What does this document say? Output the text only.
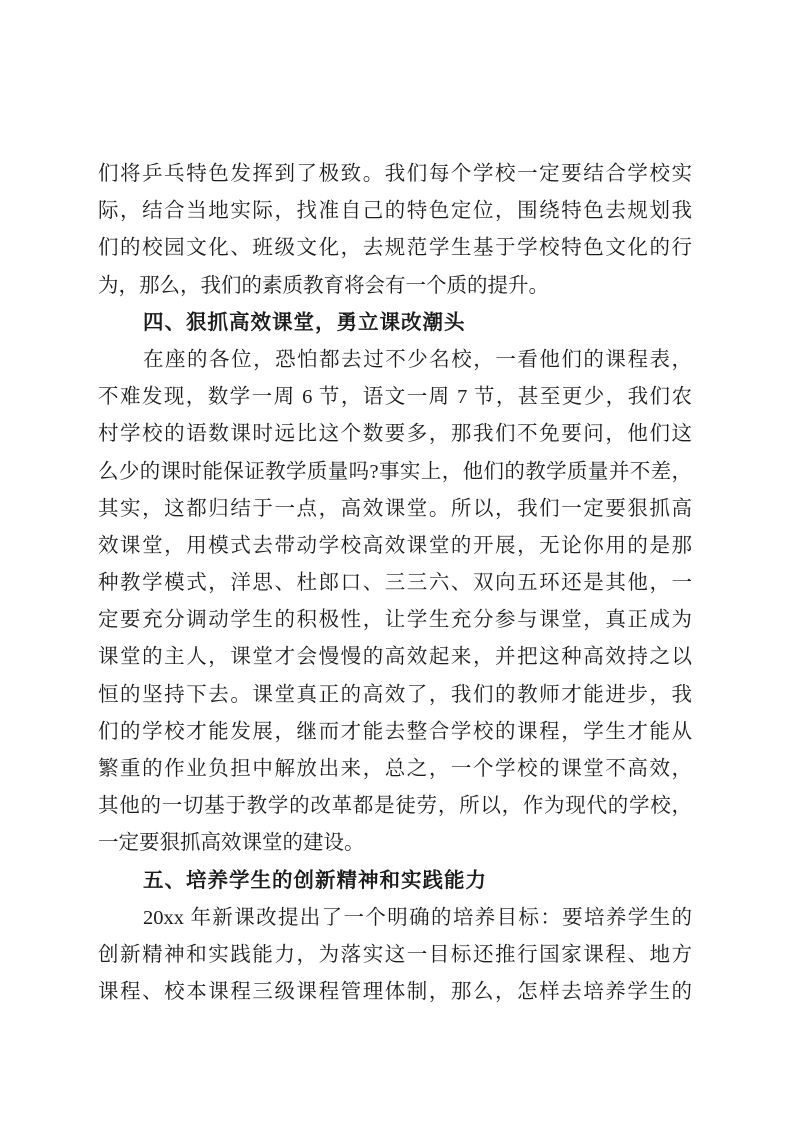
们将乒乓特色发挥到了极致。我们每个学校一定要结合学校实
际，结合当地实际，找准自己的特色定位，围绕特色去规划我
们的校园文化、班级文化，去规范学生基于学校特色文化的行
为，那么，我们的素质教育将会有一个质的提升。
四、狠抓高效课堂，勇立课改潮头
在座的各位，恐怕都去过不少名校，一看他们的课程表，
不难发现，数学一周 6 节，语文一周 7 节，甚至更少，我们农
村学校的语数课时远比这个数要多，那我们不免要问，他们这
么少的课时能保证教学质量吗?事实上，他们的教学质量并不差，
其实，这都归结于一点，高效课堂。所以，我们一定要狠抓高
效课堂，用模式去带动学校高效课堂的开展，无论你用的是那
种教学模式，洋思、杜郎口、三三六、双向五环还是其他，一
定要充分调动学生的积极性，让学生充分参与课堂，真正成为
课堂的主人，课堂才会慢慢的高效起来，并把这种高效持之以
恒的坚持下去。课堂真正的高效了，我们的教师才能进步，我
们的学校才能发展，继而才能去整合学校的课程，学生才能从
繁重的作业负担中解放出来，总之，一个学校的课堂不高效，
其他的一切基于教学的改革都是徒劳，所以，作为现代的学校，
一定要狠抓高效课堂的建设。
五、培养学生的创新精神和实践能力
20xx 年新课改提出了一个明确的培养目标：要培养学生的
创新精神和实践能力，为落实这一目标还推行国家课程、地方
课程、校本课程三级课程管理体制，那么，怎样去培养学生的
